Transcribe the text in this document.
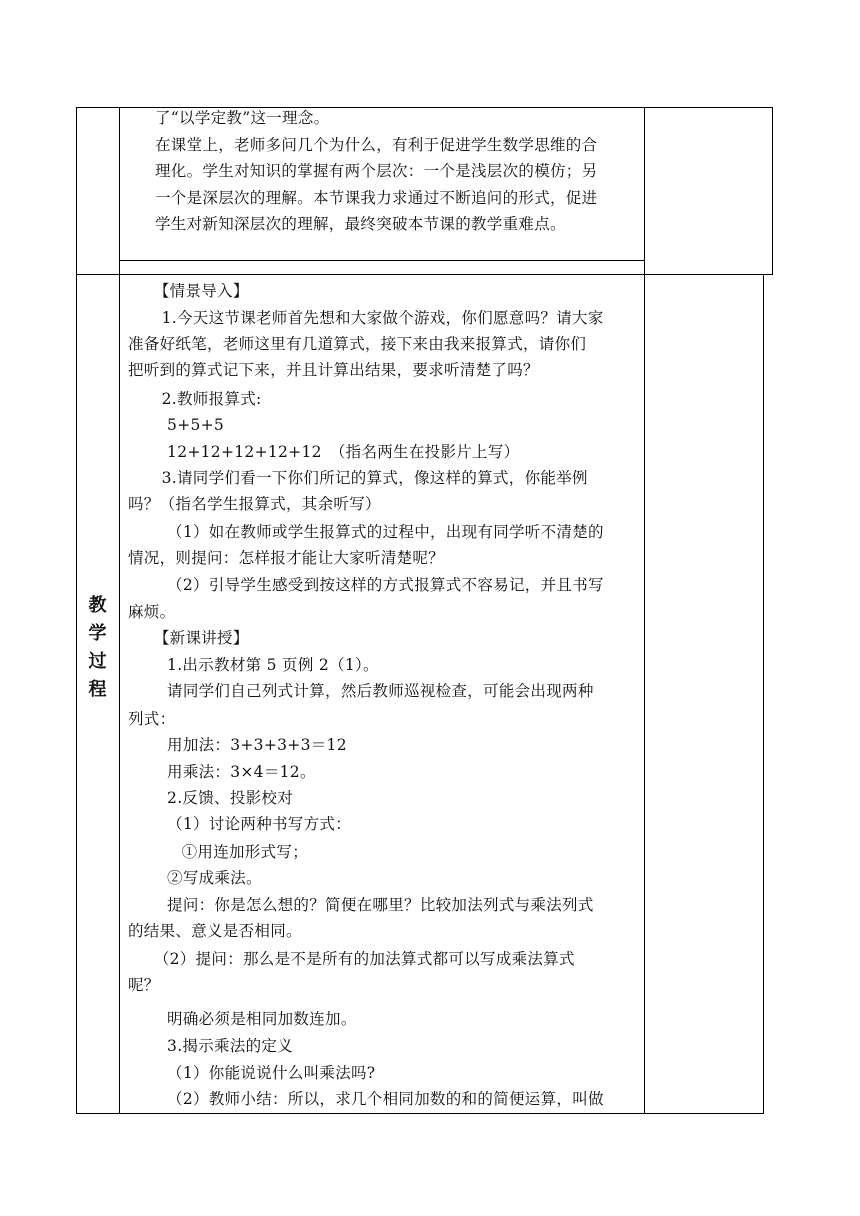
了“以学定教”这一理念。
在课堂上，老师多问几个为什么，有利于促进学生数学思维的合
理化。学生对知识的掌握有两个层次：一个是浅层次的模仿；另
一个是深层次的理解。本节课我力求通过不断追问的形式，促进
学生对新知深层次的理解，最终突破本节课的教学重难点。
教
学
过
程
　　【情景导入】
　　1.今天这节课老师首先想和大家做个游戏，你们愿意吗？请大家
准备好纸笔，老师这里有几道算式，接下来由我来报算式，请你们
把听到的算式记下来，并且计算出结果，要求听清楚了吗？
　　2.教师报算式:
　 5+5+5
　 12+12+12+12+12　（指名两生在投影片上写）
　　3.请同学们看一下你们所记的算式，像这样的算式，你能举例
吗？（指名学生报算式，其余听写）
　 （1）如在教师或学生报算式的过程中，出现有同学听不清楚的
情况，则提问：怎样报才能让大家听清楚呢？
　 （2）引导学生感受到按这样的方式报算式不容易记，并且书写
麻烦。
　　【新课讲授】
　 1.出示教材第 5 页例 2（1）。
　 请同学们自己列式计算，然后教师巡视检查，可能会出现两种
列式：
　 用加法：3+3+3+3＝12
　 用乘法：3×4＝12。
　 2.反馈、投影校对
　 （1）讨论两种书写方式：
　　①用连加形式写；
　 ②写成乘法。
　 提问：你是怎么想的？简便在哪里？比较加法列式与乘法列式
的结果、意义是否相同。
　　（2）提问：那么是不是所有的加法算式都可以写成乘法算式
呢？
　 明确必须是相同加数连加。
　 3.揭示乘法的定义
　 （1）你能说说什么叫乘法吗?
　 （2）教师小结：所以，求几个相同加数的和的简便运算，叫做
